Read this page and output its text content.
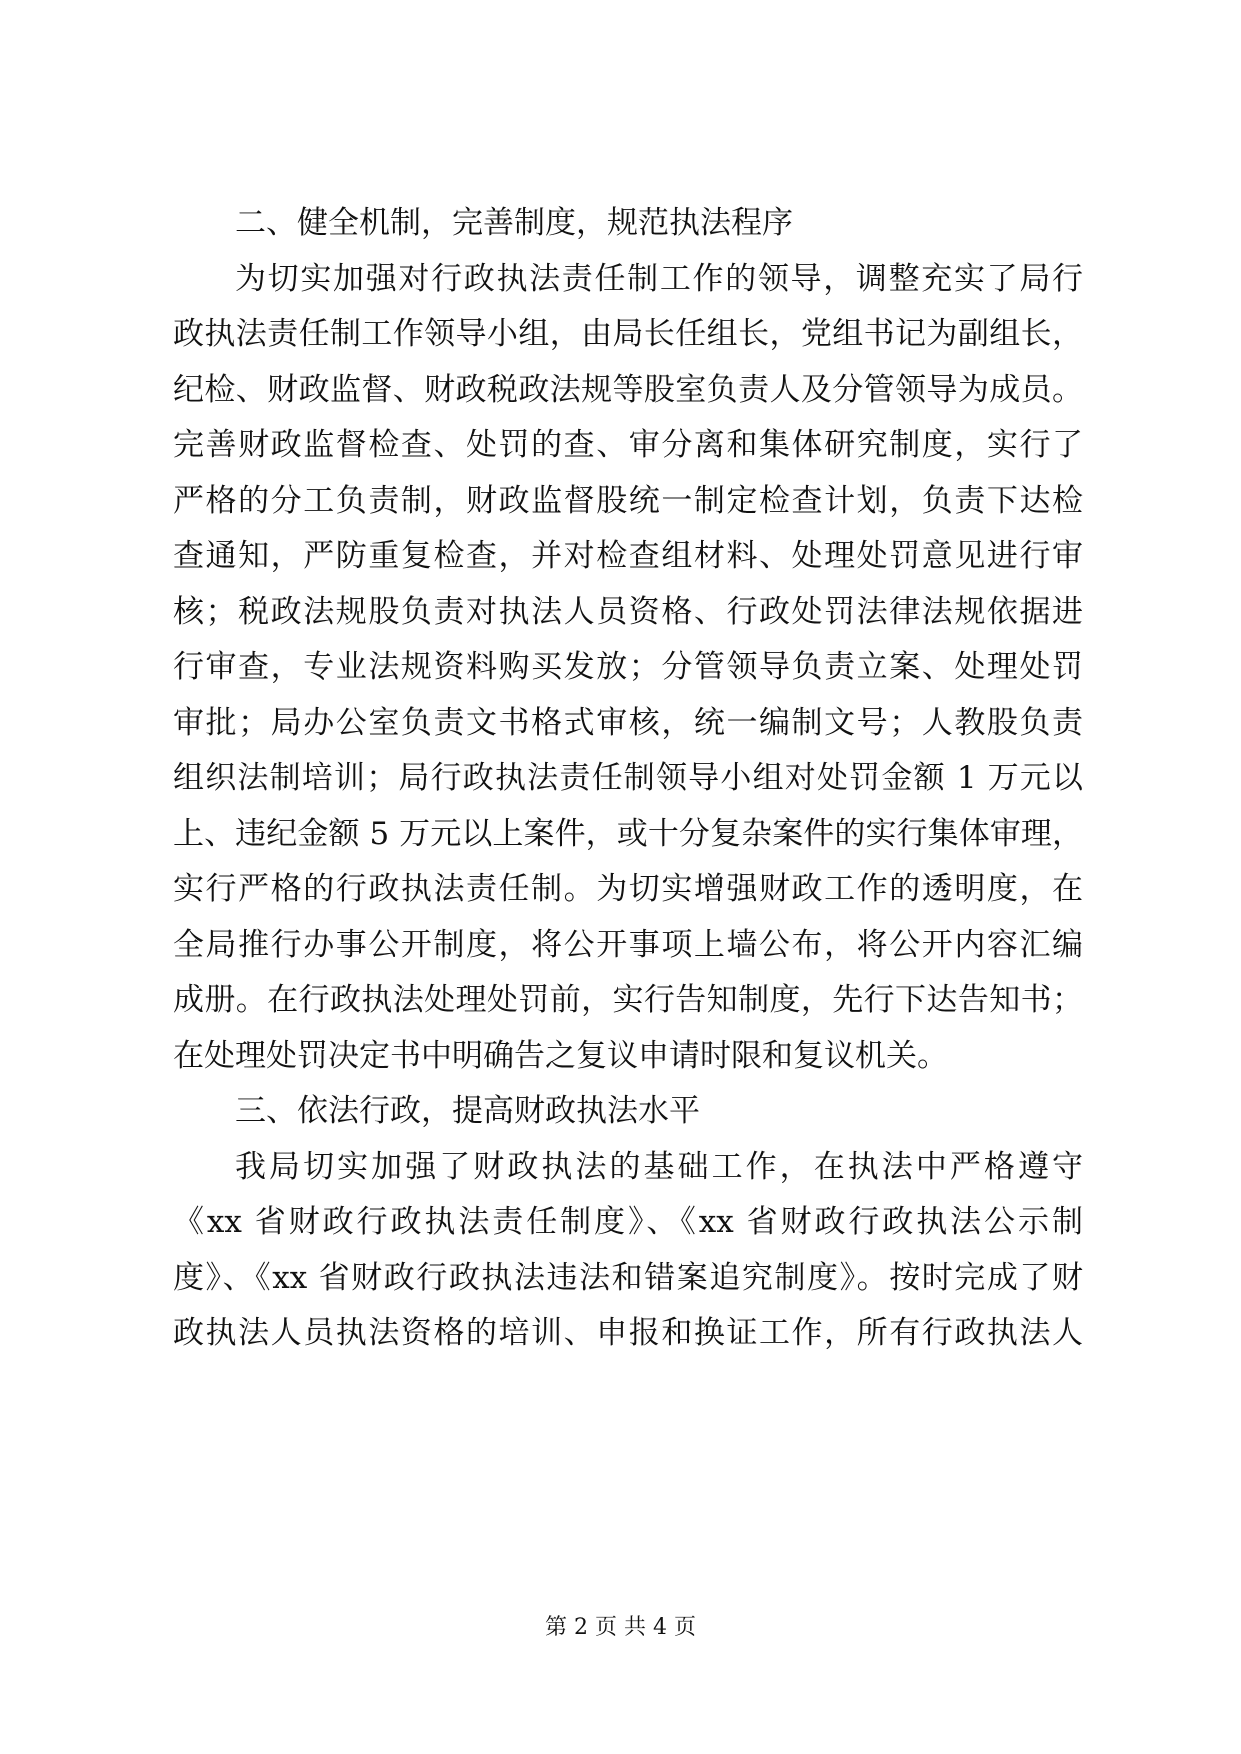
二、健全机制，完善制度，规范执法程序
为切实加强对行政执法责任制工作的领导，调整充实了局行
政执法责任制工作领导小组，由局长任组长，党组书记为副组长，
纪检、财政监督、财政税政法规等股室负责人及分管领导为成员。
完善财政监督检查、处罚的查、审分离和集体研究制度，实行了
严格的分工负责制，财政监督股统一制定检查计划，负责下达检
查通知，严防重复检查，并对检查组材料、处理处罚意见进行审
核；税政法规股负责对执法人员资格、行政处罚法律法规依据进
行审查，专业法规资料购买发放；分管领导负责立案、处理处罚
审批；局办公室负责文书格式审核，统一编制文号；人教股负责
组织法制培训；局行政执法责任制领导小组对处罚金额 1 万元以
上、违纪金额 5 万元以上案件，或十分复杂案件的实行集体审理，
实行严格的行政执法责任制。为切实增强财政工作的透明度，在
全局推行办事公开制度，将公开事项上墙公布，将公开内容汇编
成册。在行政执法处理处罚前，实行告知制度，先行下达告知书；
在处理处罚决定书中明确告之复议申请时限和复议机关。
三、依法行政，提高财政执法水平
我局切实加强了财政执法的基础工作，在执法中严格遵守
《xx 省财政行政执法责任制度》、《xx 省财政行政执法公示制
度》、《xx 省财政行政执法违法和错案追究制度》。按时完成了财
政执法人员执法资格的培训、申报和换证工作，所有行政执法人
第 2 页 共 4 页
